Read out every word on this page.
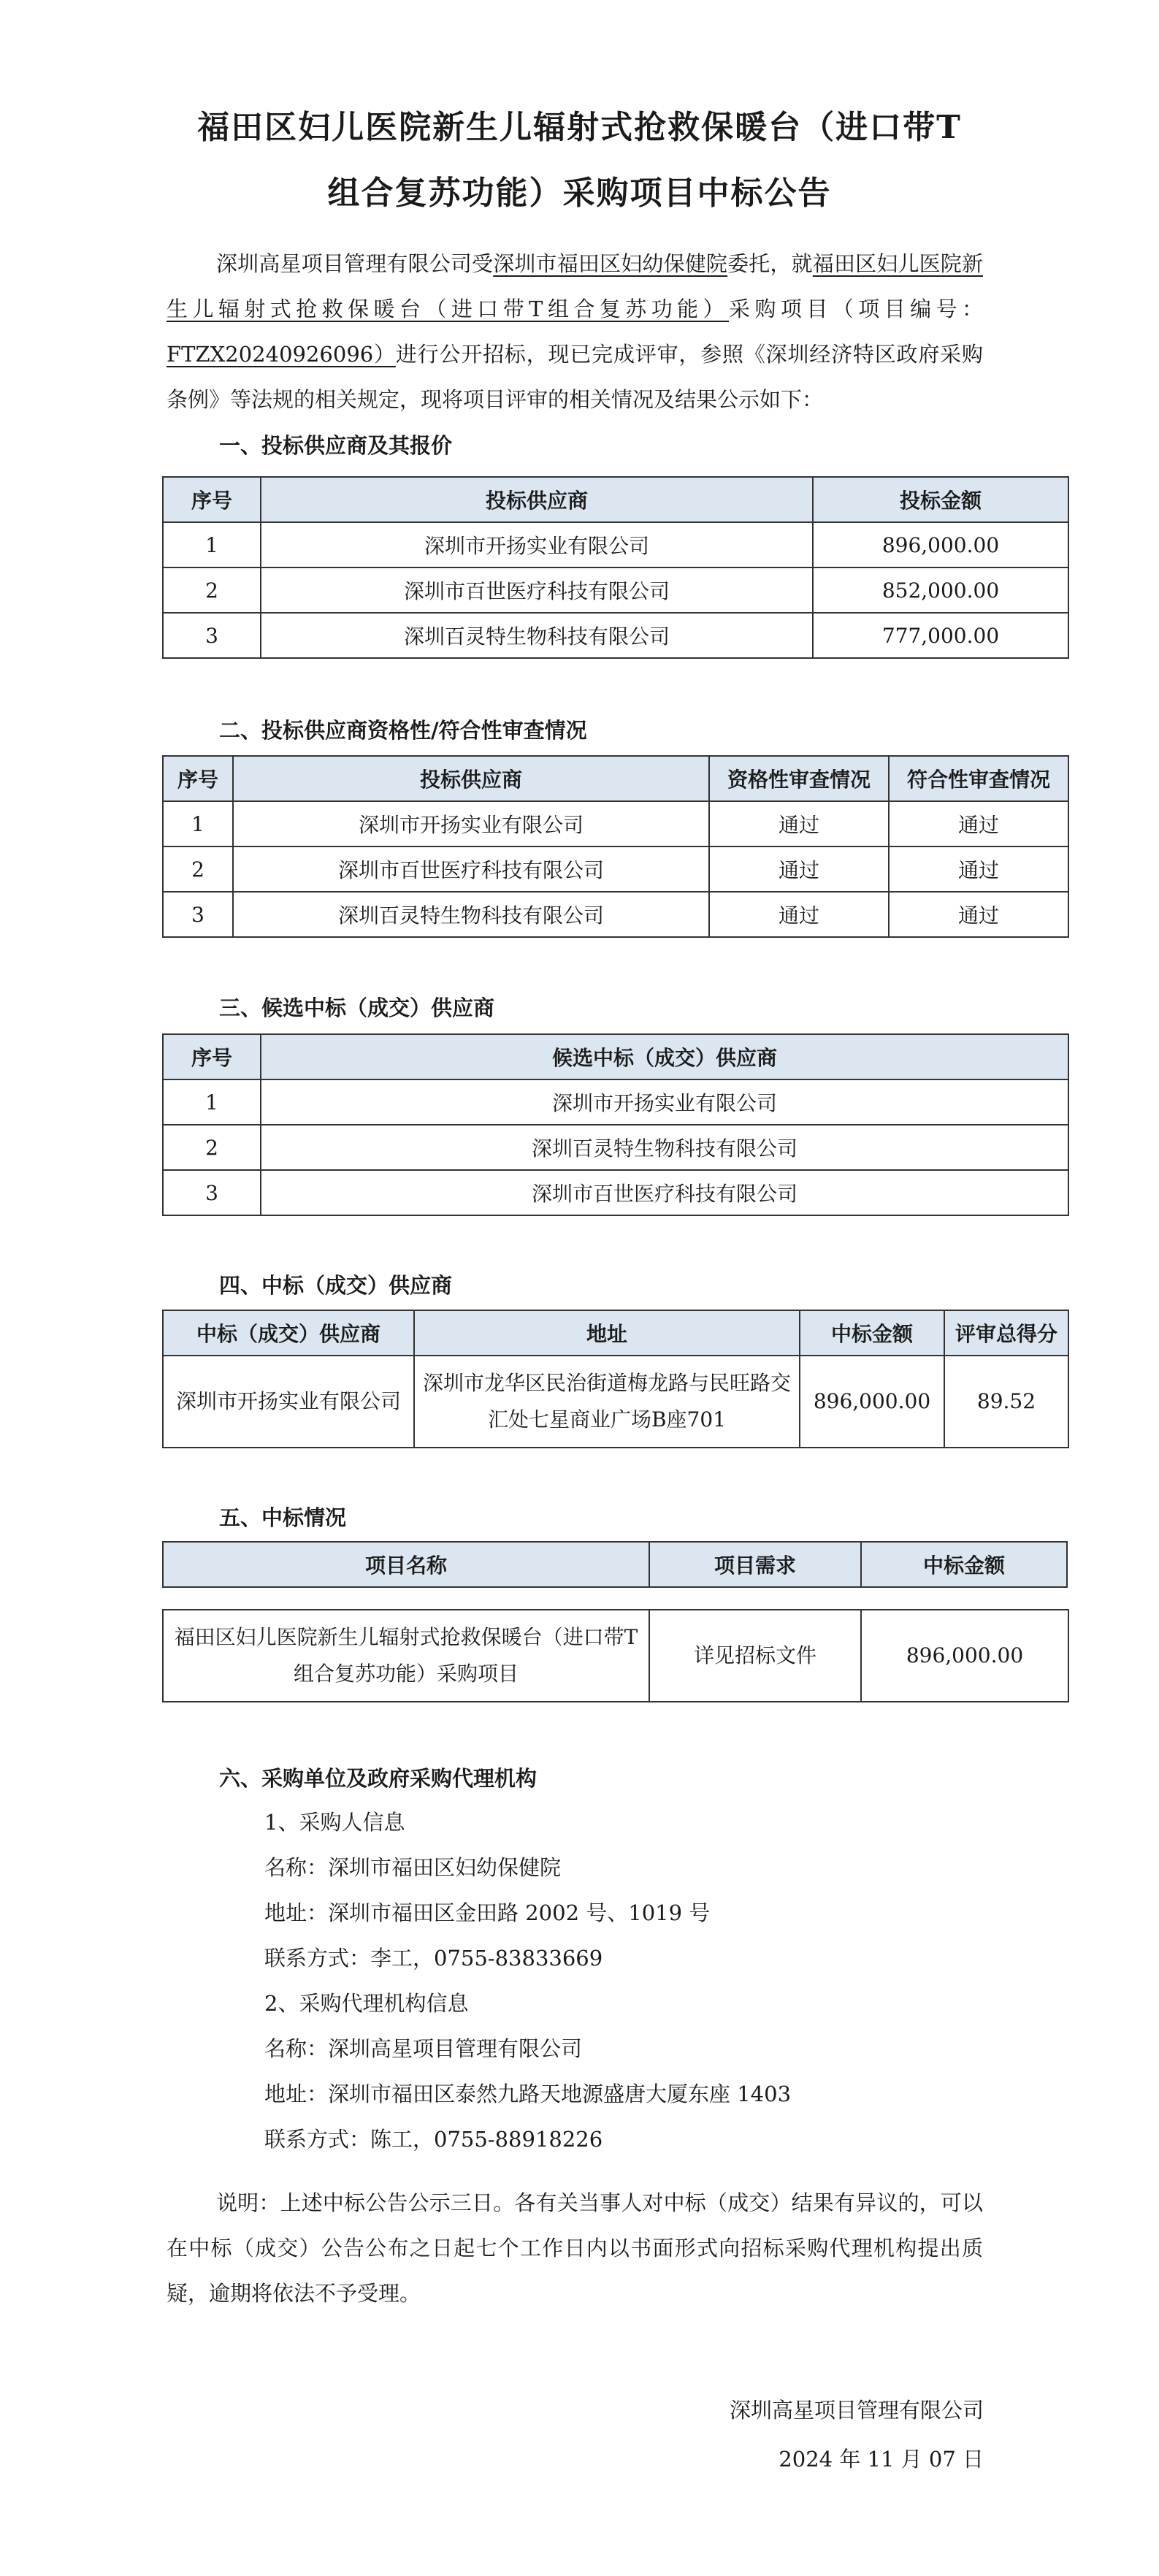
福田区妇儿医院新生儿辐射式抢救保暖台（进口带T
组合复苏功能）采购项目中标公告
深圳高星项目管理有限公司受深圳市福田区妇幼保健院委托，就福田区妇儿医院新生儿辐射式抢救保暖台（进口带T组合复苏功能）采购项目（项目编号：FTZX20240926096）进行公开招标，现已完成评审，参照《深圳经济特区政府采购条例》等法规的相关规定，现将项目评审的相关情况及结果公示如下：
一、投标供应商及其报价
序号	投标供应商	投标金额
1	深圳市开扬实业有限公司	896,000.00
2	深圳市百世医疗科技有限公司	852,000.00
3	深圳百灵特生物科技有限公司	777,000.00
二、投标供应商资格性/符合性审查情况
序号	投标供应商	资格性审查情况	符合性审查情况
1	深圳市开扬实业有限公司	通过	通过
2	深圳市百世医疗科技有限公司	通过	通过
3	深圳百灵特生物科技有限公司	通过	通过
三、候选中标（成交）供应商
序号	候选中标（成交）供应商
1	深圳市开扬实业有限公司
2	深圳百灵特生物科技有限公司
3	深圳市百世医疗科技有限公司
四、中标（成交）供应商
中标（成交）供应商	地址	中标金额	评审总得分
深圳市开扬实业有限公司	深圳市龙华区民治街道梅龙路与民旺路交汇处七星商业广场B座701	896,000.00	89.52
五、中标情况
项目名称	项目需求	中标金额
福田区妇儿医院新生儿辐射式抢救保暖台（进口带T组合复苏功能）采购项目	详见招标文件	896,000.00
六、采购单位及政府采购代理机构
1、采购人信息
名称：深圳市福田区妇幼保健院
地址：深圳市福田区金田路 2002 号、1019 号
联系方式：李工，0755-83833669
2、采购代理机构信息
名称：深圳高星项目管理有限公司
地址：深圳市福田区泰然九路天地源盛唐大厦东座 1403
联系方式：陈工，0755-88918226
说明：上述中标公告公示三日。各有关当事人对中标（成交）结果有异议的，可以在中标（成交）公告公布之日起七个工作日内以书面形式向招标采购代理机构提出质疑，逾期将依法不予受理。
深圳高星项目管理有限公司
2024 年 11 月 07 日
